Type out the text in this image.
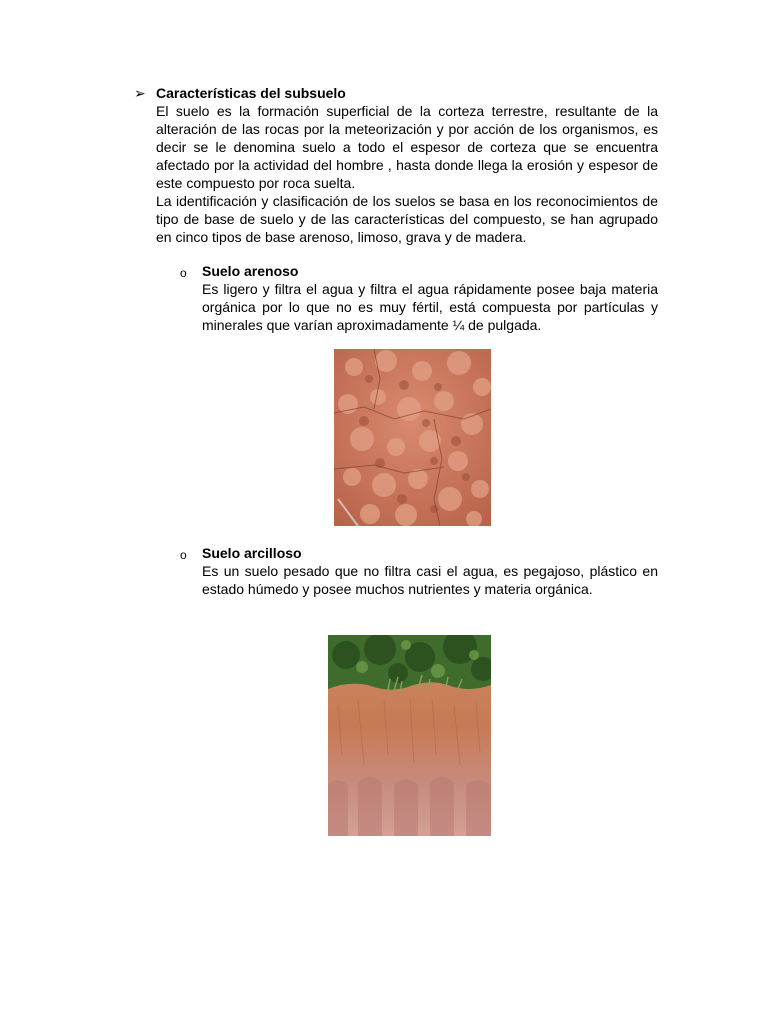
➢ Características del subsuelo

El suelo es la formación superficial de la corteza terrestre, resultante de la alteración de las rocas por la meteorización y por acción de los organismos, es decir se le denomina suelo a todo el espesor de corteza que se encuentra afectado por la actividad del hombre , hasta donde llega la erosión y espesor de este compuesto por roca suelta.

La identificación y clasificación de los suelos se basa en los reconocimientos de tipo de base de suelo y de las características del compuesto, se han agrupado en cinco tipos de base arenoso, limoso, grava y de madera.

o Suelo arenoso

Es ligero y filtra el agua y filtra el agua rápidamente posee baja materia orgánica por lo que no es muy fértil, está compuesta por partículas y minerales que varían aproximadamente ¼ de pulgada.

o Suelo arcilloso

Es un suelo pesado que no filtra casi el agua, es pegajoso, plástico en estado húmedo y posee muchos nutrientes y materia orgánica.
